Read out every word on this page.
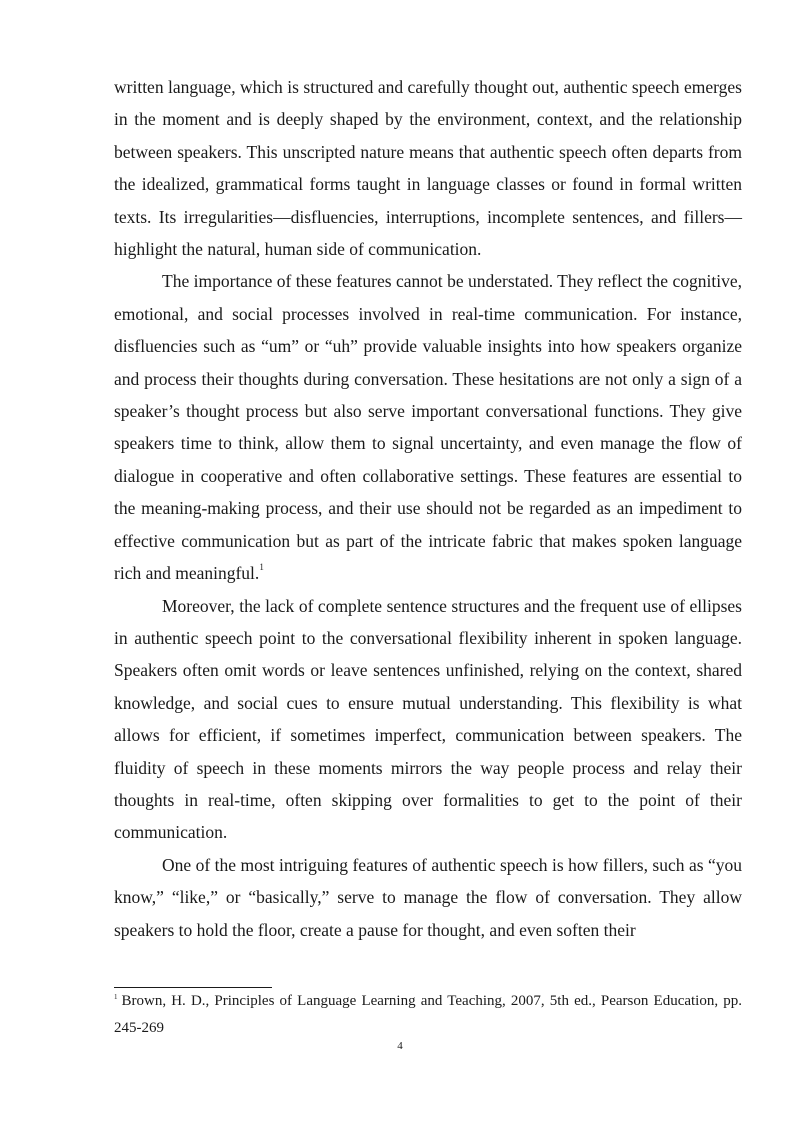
written language, which is structured and carefully thought out, authentic speech emerges in the moment and is deeply shaped by the environment, context, and the relationship between speakers. This unscripted nature means that authentic speech often departs from the idealized, grammatical forms taught in language classes or found in formal written texts. Its irregularities—disfluencies, interruptions, incomplete sentences, and fillers—highlight the natural, human side of communication.

The importance of these features cannot be understated. They reflect the cognitive, emotional, and social processes involved in real-time communication. For instance, disfluencies such as “um” or “uh” provide valuable insights into how speakers organize and process their thoughts during conversation. These hesitations are not only a sign of a speaker’s thought process but also serve important conversational functions. They give speakers time to think, allow them to signal uncertainty, and even manage the flow of dialogue in cooperative and often collaborative settings. These features are essential to the meaning-making process, and their use should not be regarded as an impediment to effective communication but as part of the intricate fabric that makes spoken language rich and meaningful.$^1$

Moreover, the lack of complete sentence structures and the frequent use of ellipses in authentic speech point to the conversational flexibility inherent in spoken language. Speakers often omit words or leave sentences unfinished, relying on the context, shared knowledge, and social cues to ensure mutual understanding. This flexibility is what allows for efficient, if sometimes imperfect, communication between speakers. The fluidity of speech in these moments mirrors the way people process and relay their thoughts in real-time, often skipping over formalities to get to the point of their communication.

One of the most intriguing features of authentic speech is how fillers, such as “you know,” “like,” or “basically,” serve to manage the flow of conversation. They allow speakers to hold the floor, create a pause for thought, and even soften their

$^1$ Brown, H. D., Principles of Language Learning and Teaching, 2007, 5th ed., Pearson Education, pp. 245-269

4
